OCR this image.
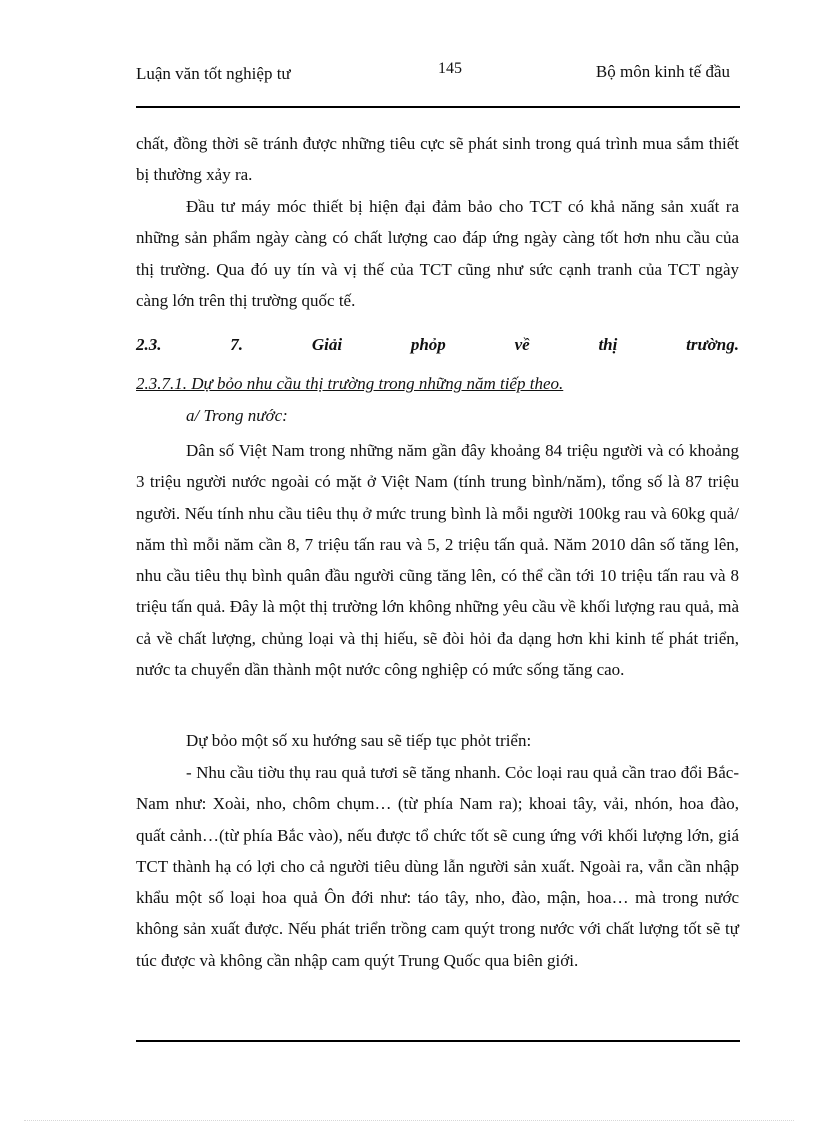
Luận văn tốt nghiệp tư	145	Bộ môn kinh tế đầu

chất, đồng thời sẽ tránh được những tiêu cực sẽ phát sinh trong quá trình mua sắm thiết bị thường xảy ra.

Đầu tư máy móc thiết bị hiện đại đảm bảo cho TCT có khả năng sản xuất ra những sản phẩm ngày càng có chất lượng cao đáp ứng ngày càng tốt hơn nhu cầu của thị trường. Qua đó uy tín và vị thế của TCT cũng như sức cạnh tranh của TCT ngày càng lớn trên thị trường quốc tế.

2.3.	7.	Giải	phỏp	về	thị	trường.
2.3.7.1. Dự bỏo nhu cầu thị trường trong những năm tiếp theo.
a/ Trong nước:

Dân số Việt Nam trong những năm gần đây khoảng 84 triệu người và có khoảng 3 triệu người nước ngoài có mặt ở Việt Nam (tính trung bình/năm), tổng số là 87 triệu người. Nếu tính nhu cầu tiêu thụ ở mức trung bình là mỗi người 100kg rau và 60kg quả/ năm thì mỗi năm cần 8, 7 triệu tấn rau và 5, 2 triệu tấn quả. Năm 2010 dân số tăng lên, nhu cầu tiêu thụ bình quân đầu người cũng tăng lên, có thể cần tới 10 triệu tấn rau và 8 triệu tấn quả. Đây là một thị trường lớn không những yêu cầu về khối lượng rau quả, mà cả về chất lượng, chủng loại và thị hiếu, sẽ đòi hỏi đa dạng hơn khi kinh tế phát triển, nước ta chuyển dần thành một nước công nghiệp có mức sống tăng cao.

Dự bỏo một số xu hướng sau sẽ tiếp tục phỏt triển:

- Nhu cầu tiờu thụ rau quả tươi sẽ tăng nhanh. Cỏc loại rau quả cần trao đổi Bắc- Nam như: Xoài, nho, chôm chụm… (từ phía Nam ra); khoai tây, vải, nhón, hoa đào, quất cảnh…(từ phía Bắc vào), nếu được tổ chức tốt sẽ cung ứng với khối lượng lớn, giá TCT thành hạ có lợi cho cả người tiêu dùng lẫn người sản xuất. Ngoài ra, vẫn cần nhập khẩu một số loại hoa quả Ôn đới như: táo tây, nho, đào, mận, hoa… mà trong nước không sản xuất được. Nếu phát triển trồng cam quýt trong nước với chất lượng tốt sẽ tự túc được và không cần nhập cam quýt Trung Quốc qua biên giới.
